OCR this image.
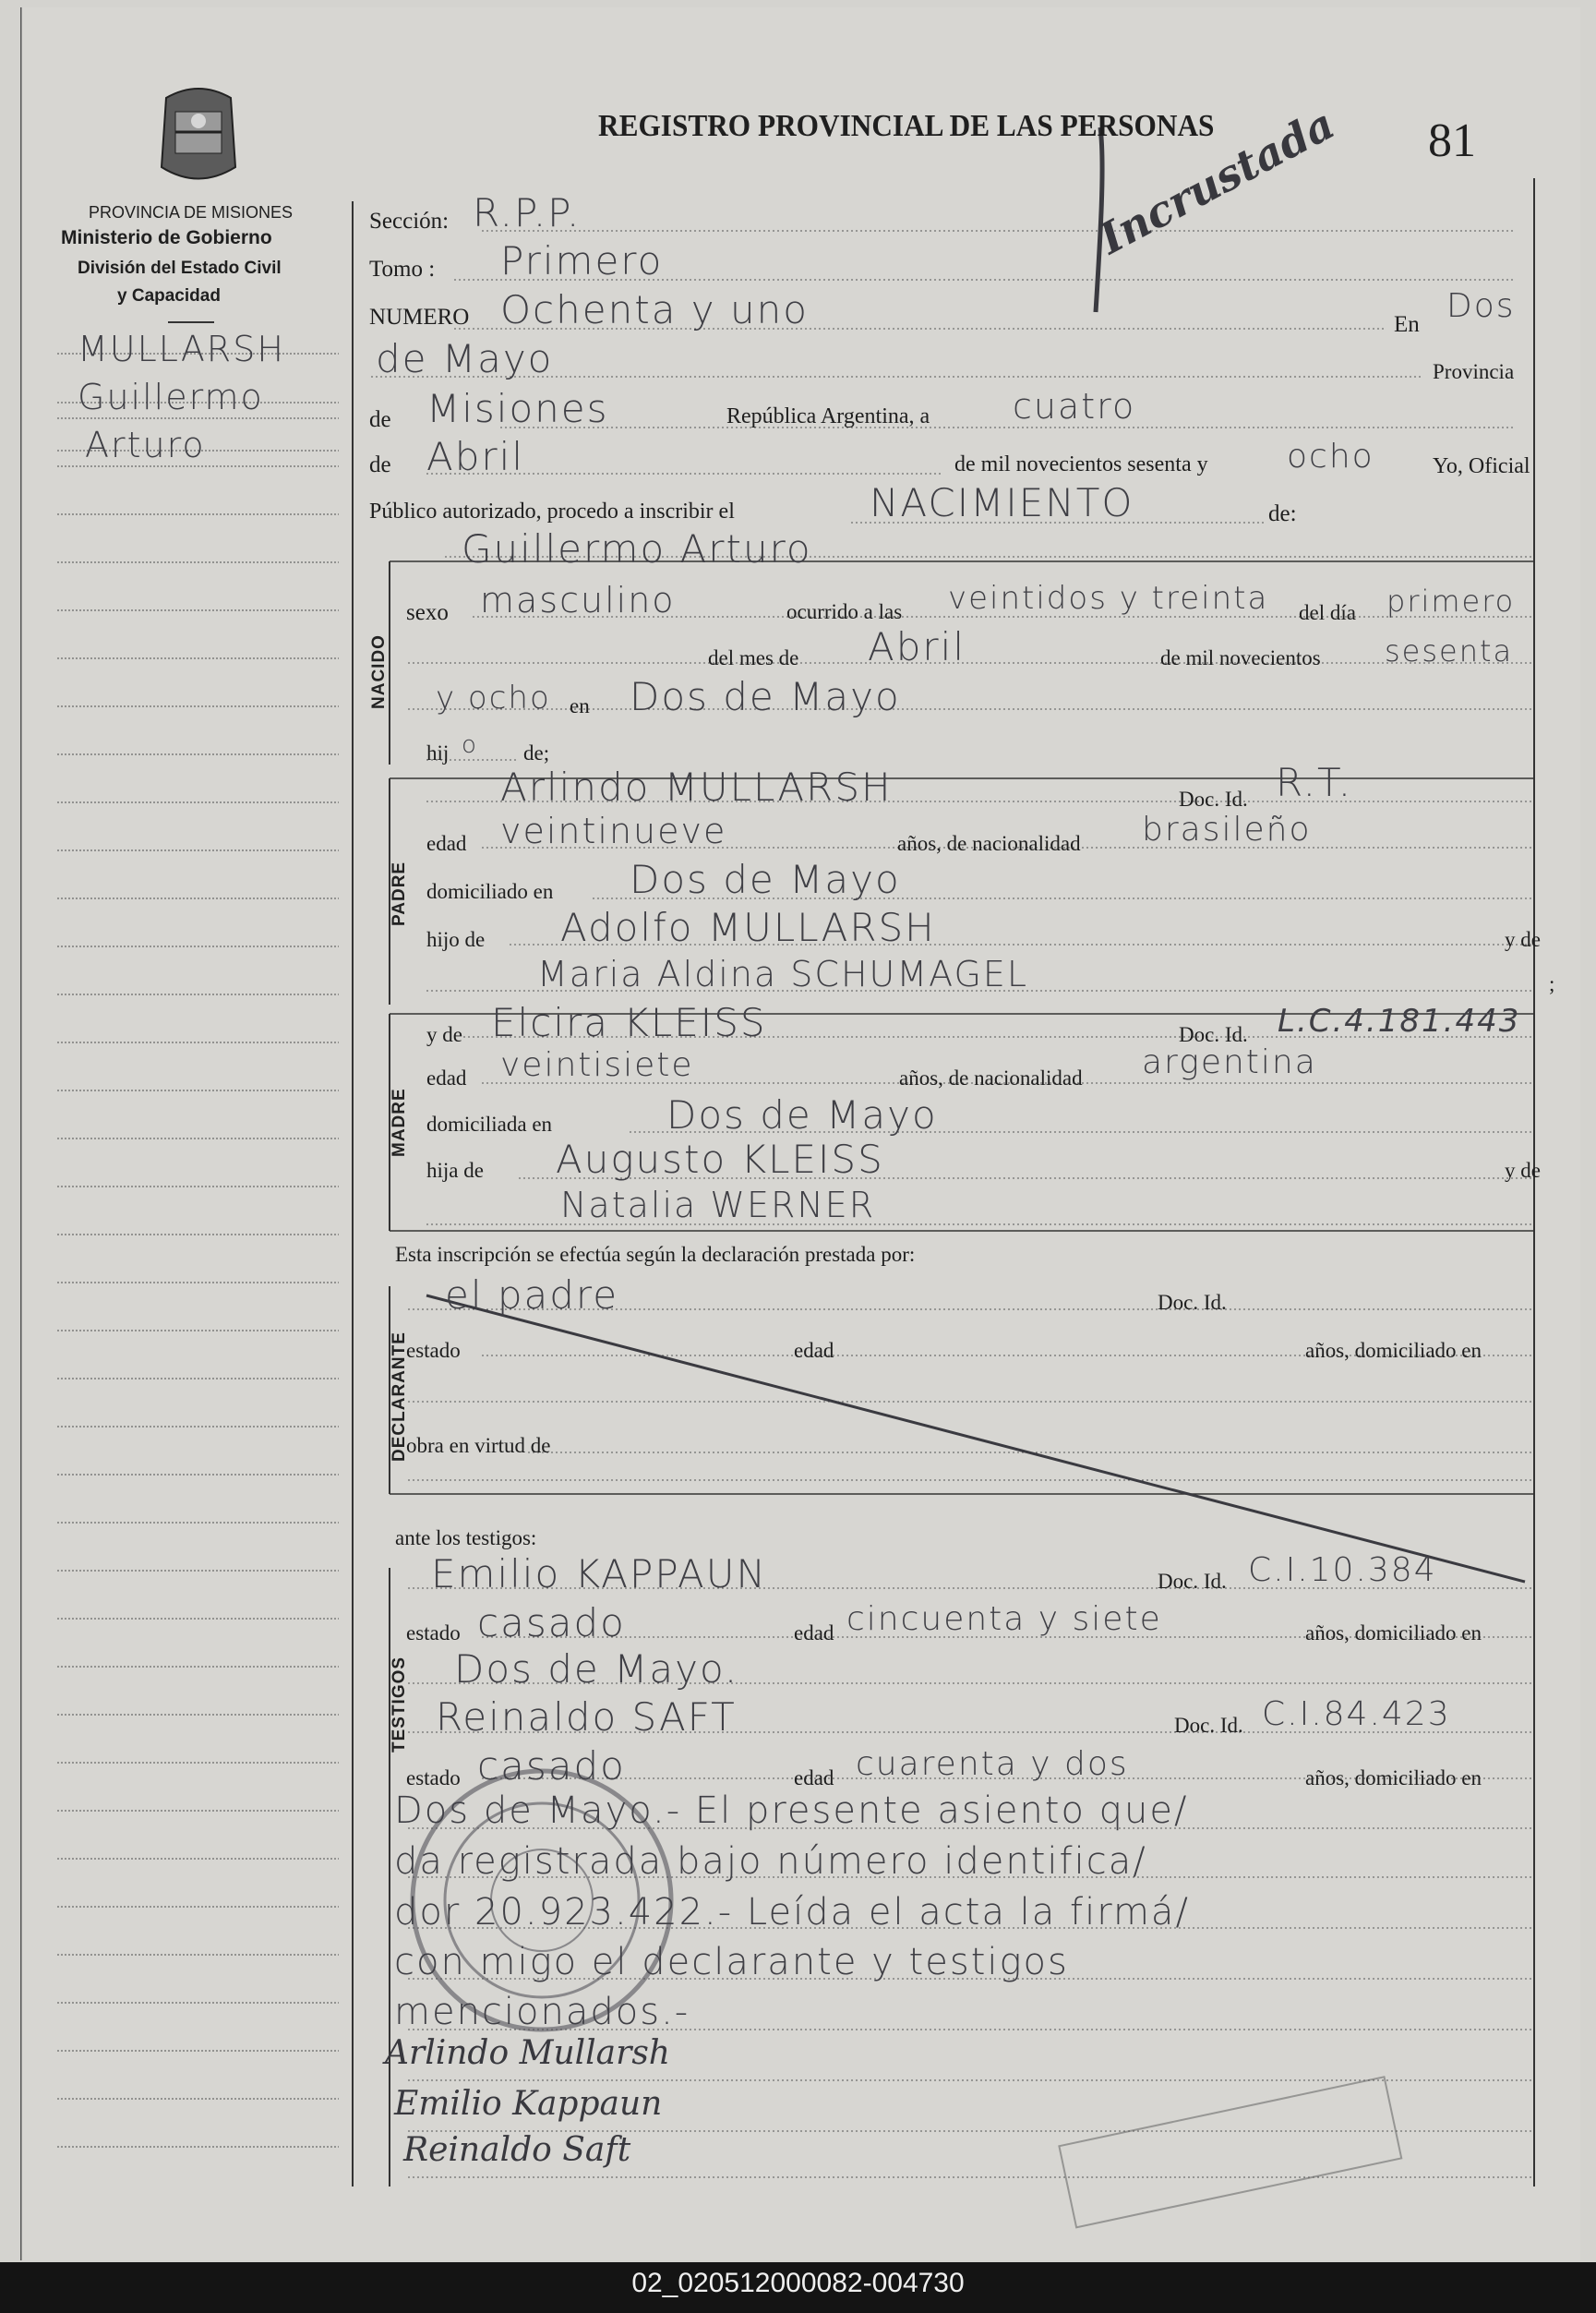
REGISTRO PROVINCIAL DE LAS PERSONAS	81
PROVINCIA DE MISIONES
Ministerio de Gobierno
División del Estado Civil
y Capacidad
MULLARSH
Guillermo
Arturo
Incrustada
Sección: R.P.P.
Tomo : Primero
NUMERO Ochenta y uno	En Dos
de Mayo	Provincia
de Misiones	República Argentina, a cuatro
de Abril	de mil novecientos sesenta y ocho	Yo, Oficial
Público autorizado, procedo a inscribir el	NACIMIENTO	de:
NACIDO
Guillermo Arturo
sexo masculino	ocurrido a las veintidos y treinta del día primero
del mes de Abril	de mil novecientos sesenta
y ocho en Dos de Mayo
hij o de;
PADRE
Arlindo MULLARSH	Doc. Id. R.T.
edad veintinueve	años, de nacionalidad brasileño
domiciliado en Dos de Mayo
hijo de Adolfo MULLARSH	y de
Maria Aldina SCHUMAGEL	;
MADRE
y de Elcira KLEISS	Doc. Id. L.C.4.181.443
edad veintisiete	años, de nacionalidad argentina
domiciliada en	Dos de Mayo
hija de Augusto KLEISS	y de
Natalia WERNER
Esta inscripción se efectúa según la declaración prestada por:
DECLARANTE
el padre	Doc. Id.
estado	edad	años, domiciliado en
obra en virtud de
ante los testigos:
TESTIGOS
Emilio KAPPAUN	Doc. Id. C.I.10.384
estado casado	edad cincuenta y siete	años, domiciliado en
Dos de Mayo.
Reinaldo SAFT	Doc. Id. C.I.84.423
estado casado	edad cuarenta y dos	años, domiciliado en
Dos de Mayo.- El presente asiento que/
da registrada bajo número identifica/
dor 20.923.422.- Leída el acta la firmá/
con migo el declarante y testigos
mencionados.-
Arlindo Mullarsh
Emilio Kappaun
Reinaldo Saft
02_020512000082-004730
